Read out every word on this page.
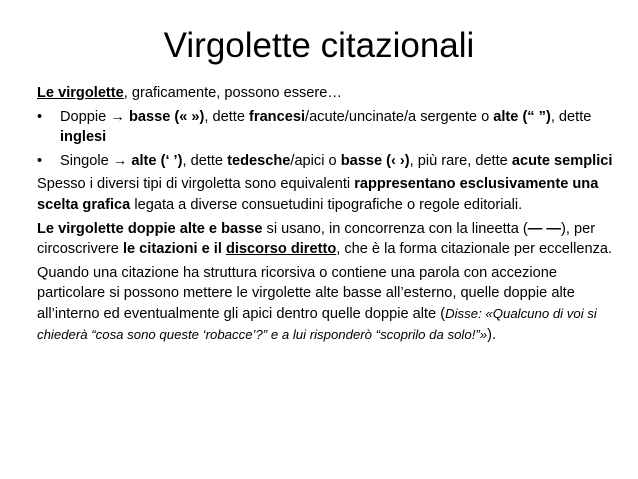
Virgolette citazionali

Le virgolette, graficamente, possono essere…

• Doppie → basse (« »), dette francesi/acute/uncinate/a sergente o alte (“ ”), dette inglesi
• Singole → alte (‘ ’), dette tedesche/apici o basse (‹ ›), più rare, dette acute semplici

Spesso i diversi tipi di virgoletta sono equivalenti rappresentano esclusivamente una scelta grafica legata a diverse consuetudini tipografiche o regole editoriali.

Le virgolette doppie alte e basse si usano, in concorrenza con la lineetta (— —), per circoscrivere le citazioni e il discorso diretto, che è la forma citazionale per eccellenza.

Quando una citazione ha struttura ricorsiva o contiene una parola con accezione particolare si possono mettere le virgolette alte basse all’esterno, quelle doppie alte all’interno ed eventualmente gli apici dentro quelle doppie alte (Disse: «Qualcuno di voi si chiederà “cosa sono queste ‘robacce’?” e a lui risponderò “scoprilo da solo!”»).
